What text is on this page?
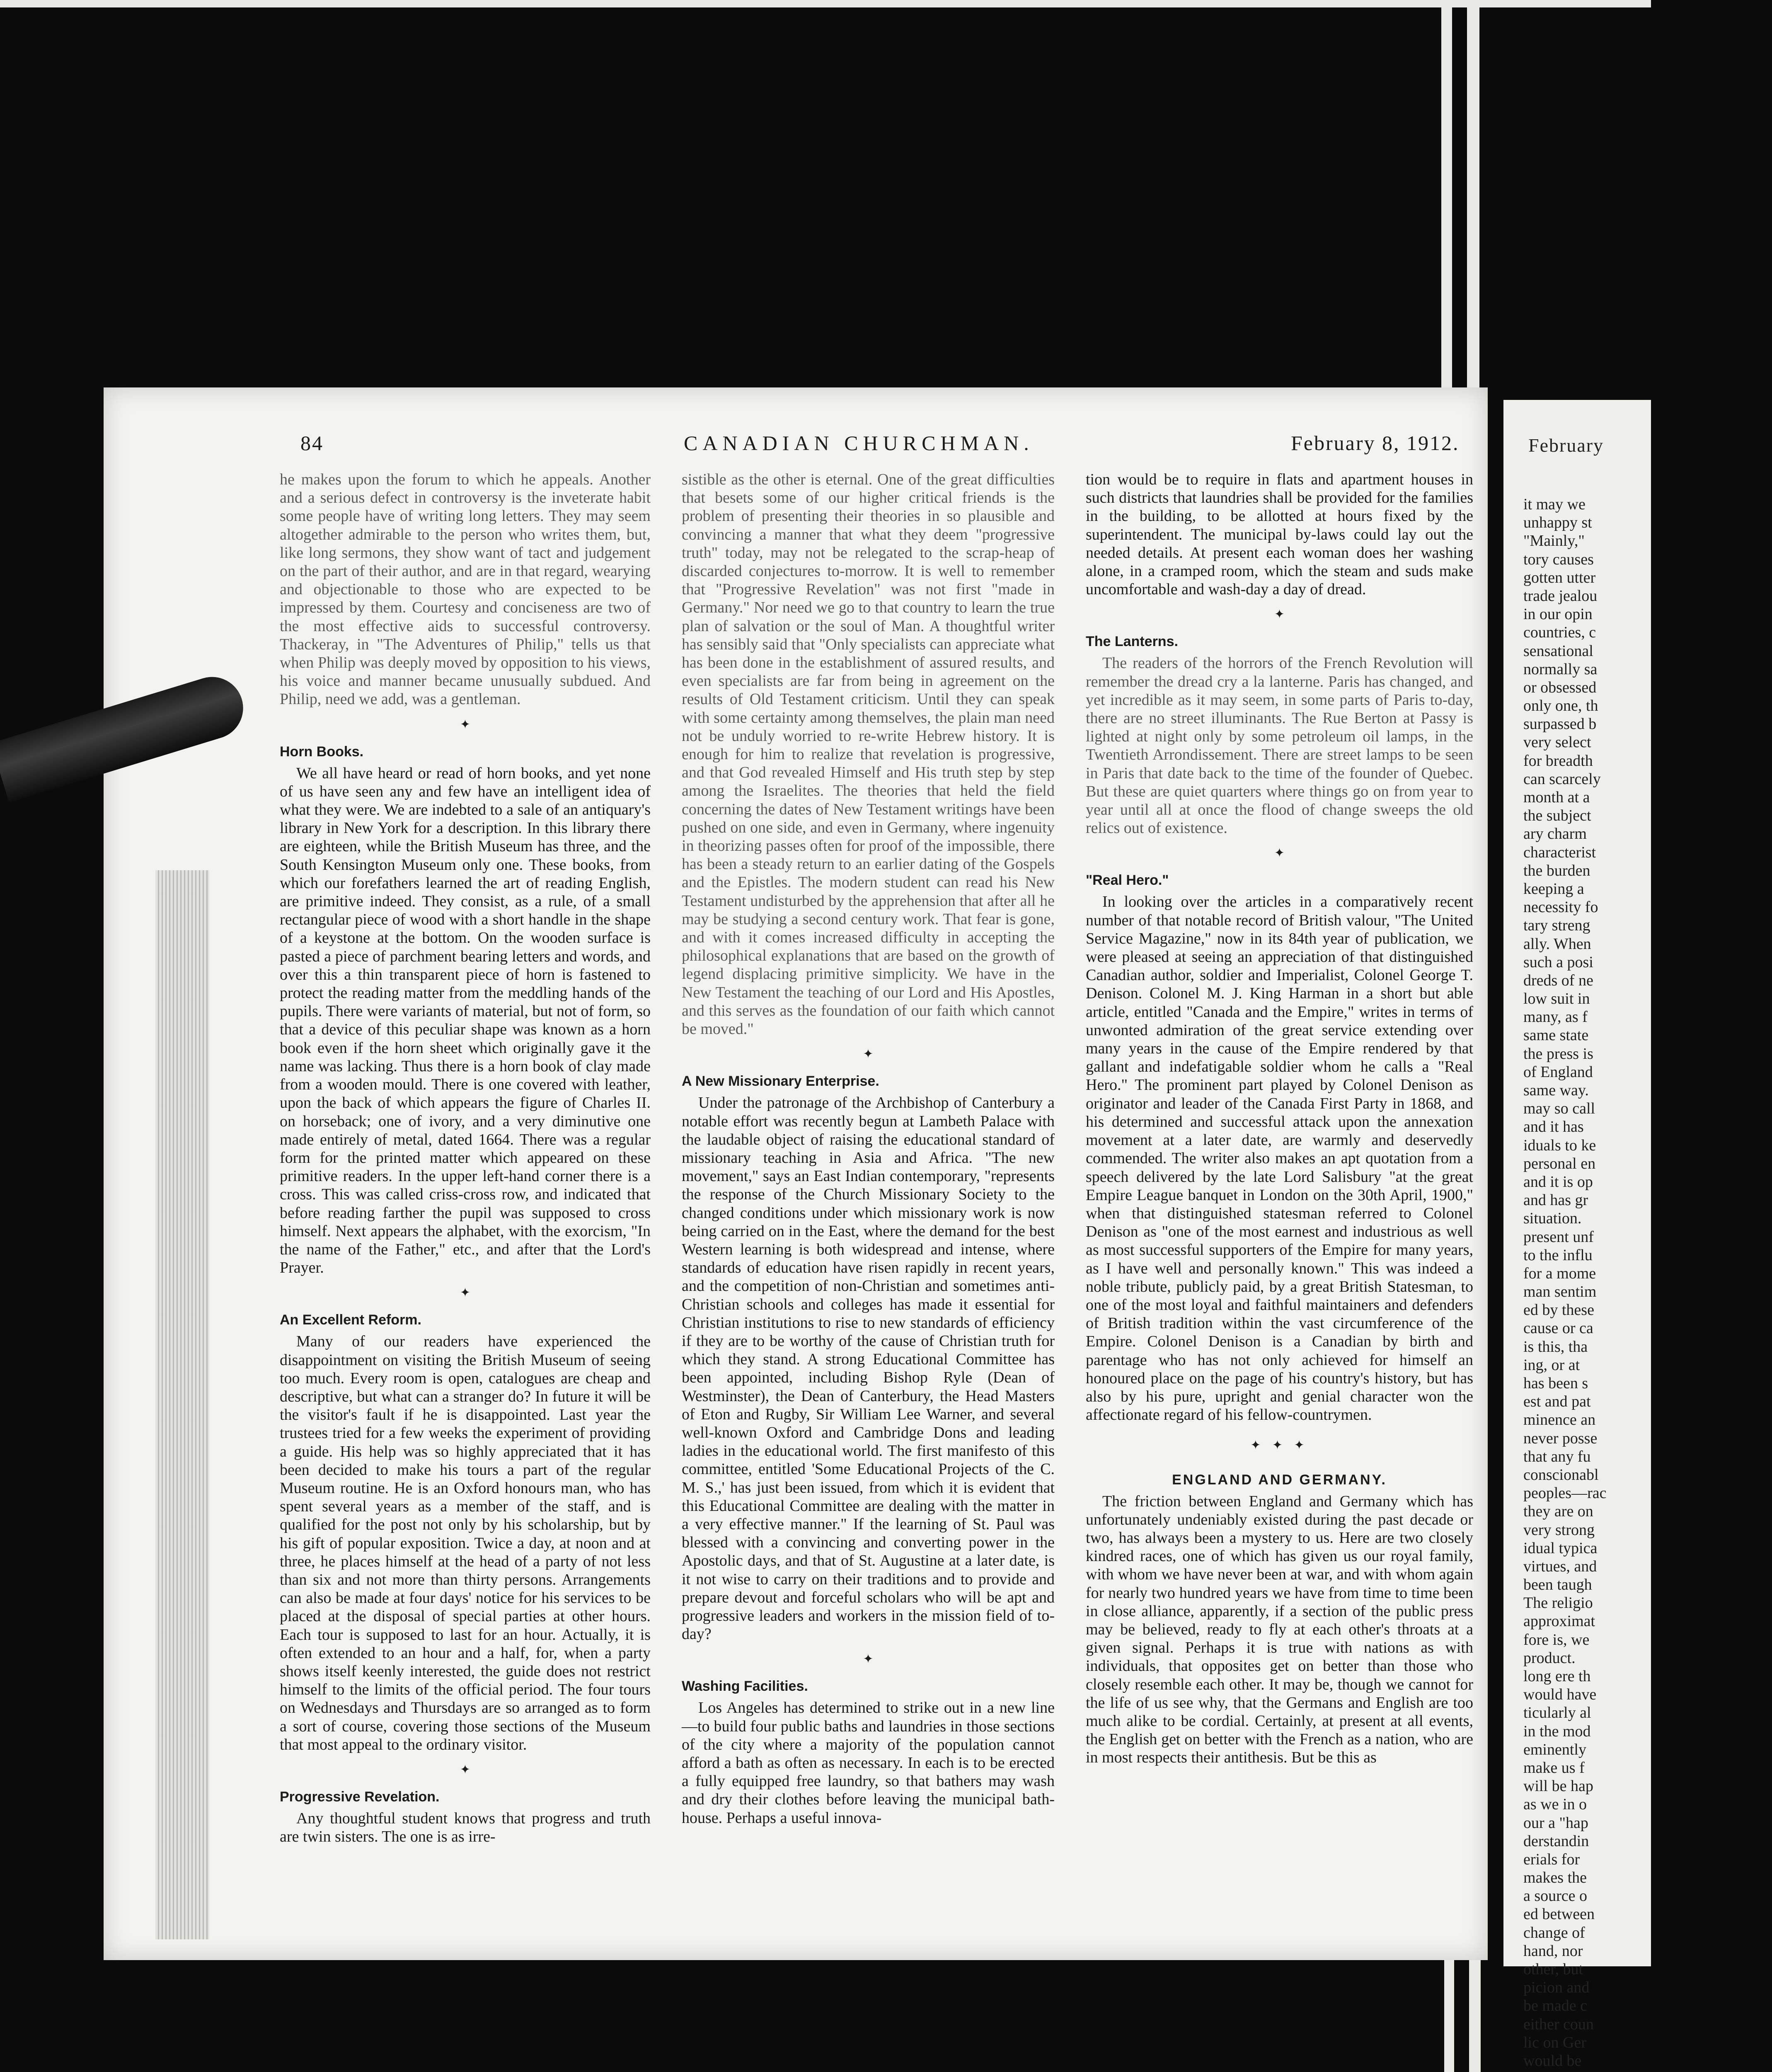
February
it may we
unhappy st
"Mainly,"
tory causes
gotten utter
trade jealou
in our opin
countries, c
sensational
normally sa
or obsessed
only one, th
surpassed b
very select
for breadth
can scarcely
month at a
the subject
ary charm
characterist
the burden
keeping a
necessity fo
tary streng
ally. When
such a posi
dreds of ne
low suit in
many, as f
same state
the press is
of England
same way.
may so call
and it has
iduals to ke
personal en
and it is op
and has gr
situation.
present unf
to the influ
for a mome
man sentim
ed by these
cause or ca
is this, tha
ing, or at
has been s
est and pat
minence an
never posse
that any fu
conscionabl
peoples—rac
they are on
very strong
idual typica
virtues, and
been taugh
The religio
approximat
fore is, we
product.
long ere th
would have
ticularly al
in the mod
eminently
make us f
will be hap
as we in o
our a "hap
derstandin
erials for
makes the
a source o
ed between
change of
hand, nor
other, but
picion and
be made c
either coun
lic on Ger
would be
84	CANADIAN CHURCHMAN.	February 8, 1912.

he makes upon the forum to which he appeals. Another and a serious defect in controversy is the inveterate habit some people have of writing long letters. They may seem altogether admirable to the person who writes them, but, like long sermons, they show want of tact and judgement on the part of their author, and are in that regard, wearying and objectionable to those who are expected to be impressed by them. Courtesy and conciseness are two of the most effective aids to successful controversy. Thackeray, in "The Adventures of Philip," tells us that when Philip was deeply moved by opposition to his views, his voice and manner became unusually subdued. And Philip, need we add, was a gentleman.

✦
Horn Books.

We all have heard or read of horn books, and yet none of us have seen any and few have an intelligent idea of what they were. We are indebted to a sale of an antiquary's library in New York for a description. In this library there are eighteen, while the British Museum has three, and the South Kensington Museum only one. These books, from which our forefathers learned the art of reading English, are primitive indeed. They consist, as a rule, of a small rectangular piece of wood with a short handle in the shape of a keystone at the bottom. On the wooden surface is pasted a piece of parchment bearing letters and words, and over this a thin transparent piece of horn is fastened to protect the reading matter from the meddling hands of the pupils. There were variants of material, but not of form, so that a device of this peculiar shape was known as a horn book even if the horn sheet which originally gave it the name was lacking. Thus there is a horn book of clay made from a wooden mould. There is one covered with leather, upon the back of which appears the figure of Charles II. on horseback; one of ivory, and a very diminutive one made entirely of metal, dated 1664. There was a regular form for the printed matter which appeared on these primitive readers. In the upper left-hand corner there is a cross. This was called criss-cross row, and indicated that before reading farther the pupil was supposed to cross himself. Next appears the alphabet, with the exorcism, "In the name of the Father," etc., and after that the Lord's Prayer.

✦
An Excellent Reform.

Many of our readers have experienced the disappointment on visiting the British Museum of seeing too much. Every room is open, catalogues are cheap and descriptive, but what can a stranger do? In future it will be the visitor's fault if he is disappointed. Last year the trustees tried for a few weeks the experiment of providing a guide. His help was so highly appreciated that it has been decided to make his tours a part of the regular Museum routine. He is an Oxford honours man, who has spent several years as a member of the staff, and is qualified for the post not only by his scholarship, but by his gift of popular exposition. Twice a day, at noon and at three, he places himself at the head of a party of not less than six and not more than thirty persons. Arrangements can also be made at four days' notice for his services to be placed at the disposal of special parties at other hours. Each tour is supposed to last for an hour. Actually, it is often extended to an hour and a half, for, when a party shows itself keenly interested, the guide does not restrict himself to the limits of the official period. The four tours on Wednesdays and Thursdays are so arranged as to form a sort of course, covering those sections of the Museum that most appeal to the ordinary visitor.

✦
Progressive Revelation.

Any thoughtful student knows that progress and truth are twin sisters. The one is as irre-

sistible as the other is eternal. One of the great difficulties that besets some of our higher critical friends is the problem of presenting their theories in so plausible and convincing a manner that what they deem "progressive truth" today, may not be relegated to the scrap-heap of discarded conjectures to-morrow. It is well to remember that "Progressive Revelation" was not first "made in Germany." Nor need we go to that country to learn the true plan of salvation or the soul of Man. A thoughtful writer has sensibly said that "Only specialists can appreciate what has been done in the establishment of assured results, and even specialists are far from being in agreement on the results of Old Testament criticism. Until they can speak with some certainty among themselves, the plain man need not be unduly worried to re-write Hebrew history. It is enough for him to realize that revelation is progressive, and that God revealed Himself and His truth step by step among the Israelites. The theories that held the field concerning the dates of New Testament writings have been pushed on one side, and even in Germany, where ingenuity in theorizing passes often for proof of the impossible, there has been a steady return to an earlier dating of the Gospels and the Epistles. The modern student can read his New Testament undisturbed by the apprehension that after all he may be studying a second century work. That fear is gone, and with it comes increased difficulty in accepting the philosophical explanations that are based on the growth of legend displacing primitive simplicity. We have in the New Testament the teaching of our Lord and His Apostles, and this serves as the foundation of our faith which cannot be moved."

✦
A New Missionary Enterprise.

Under the patronage of the Archbishop of Canterbury a notable effort was recently begun at Lambeth Palace with the laudable object of raising the educational standard of missionary teaching in Asia and Africa. "The new movement," says an East Indian contemporary, "represents the response of the Church Missionary Society to the changed conditions under which missionary work is now being carried on in the East, where the demand for the best Western learning is both widespread and intense, where standards of education have risen rapidly in recent years, and the competition of non-Christian and sometimes anti-Christian schools and colleges has made it essential for Christian institutions to rise to new standards of efficiency if they are to be worthy of the cause of Christian truth for which they stand. A strong Educational Committee has been appointed, including Bishop Ryle (Dean of Westminster), the Dean of Canterbury, the Head Masters of Eton and Rugby, Sir William Lee Warner, and several well-known Oxford and Cambridge Dons and leading ladies in the educational world. The first manifesto of this committee, entitled 'Some Educational Projects of the C. M. S.,' has just been issued, from which it is evident that this Educational Committee are dealing with the matter in a very effective manner." If the learning of St. Paul was blessed with a convincing and converting power in the Apostolic days, and that of St. Augustine at a later date, is it not wise to carry on their traditions and to provide and prepare devout and forceful scholars who will be apt and progressive leaders and workers in the mission field of to-day?

✦
Washing Facilities.

Los Angeles has determined to strike out in a new line—to build four public baths and laundries in those sections of the city where a majority of the population cannot afford a bath as often as necessary. In each is to be erected a fully equipped free laundry, so that bathers may wash and dry their clothes before leaving the municipal bath-house. Perhaps a useful innova-

tion would be to require in flats and apartment houses in such districts that laundries shall be provided for the families in the building, to be allotted at hours fixed by the superintendent. The municipal by-laws could lay out the needed details. At present each woman does her washing alone, in a cramped room, which the steam and suds make uncomfortable and wash-day a day of dread.

✦
The Lanterns.

The readers of the horrors of the French Revolution will remember the dread cry a la lanterne. Paris has changed, and yet incredible as it may seem, in some parts of Paris to-day, there are no street illuminants. The Rue Berton at Passy is lighted at night only by some petroleum oil lamps, in the Twentieth Arrondissement. There are street lamps to be seen in Paris that date back to the time of the founder of Quebec. But these are quiet quarters where things go on from year to year until all at once the flood of change sweeps the old relics out of existence.

✦
"Real Hero."

In looking over the articles in a comparatively recent number of that notable record of British valour, "The United Service Magazine," now in its 84th year of publication, we were pleased at seeing an appreciation of that distinguished Canadian author, soldier and Imperialist, Colonel George T. Denison. Colonel M. J. King Harman in a short but able article, entitled "Canada and the Empire," writes in terms of unwonted admiration of the great service extending over many years in the cause of the Empire rendered by that gallant and indefatigable soldier whom he calls a "Real Hero." The prominent part played by Colonel Denison as originator and leader of the Canada First Party in 1868, and his determined and successful attack upon the annexation movement at a later date, are warmly and deservedly commended. The writer also makes an apt quotation from a speech delivered by the late Lord Salisbury "at the great Empire League banquet in London on the 30th April, 1900," when that distinguished statesman referred to Colonel Denison as "one of the most earnest and industrious as well as most successful supporters of the Empire for many years, as I have well and personally known." This was indeed a noble tribute, publicly paid, by a great British Statesman, to one of the most loyal and faithful maintainers and defenders of British tradition within the vast circumference of the Empire. Colonel Denison is a Canadian by birth and parentage who has not only achieved for himself an honoured place on the page of his country's history, but has also by his pure, upright and genial character won the affectionate regard of his fellow-countrymen.

✦ ✦ ✦
ENGLAND AND GERMANY.

The friction between England and Germany which has unfortunately undeniably existed during the past decade or two, has always been a mystery to us. Here are two closely kindred races, one of which has given us our royal family, with whom we have never been at war, and with whom again for nearly two hundred years we have from time to time been in close alliance, apparently, if a section of the public press may be believed, ready to fly at each other's throats at a given signal. Perhaps it is true with nations as with individuals, that opposites get on better than those who closely resemble each other. It may be, though we cannot for the life of us see why, that the Germans and English are too much alike to be cordial. Certainly, at present at all events, the English get on better with the French as a nation, who are in most respects their antithesis. But be this as
